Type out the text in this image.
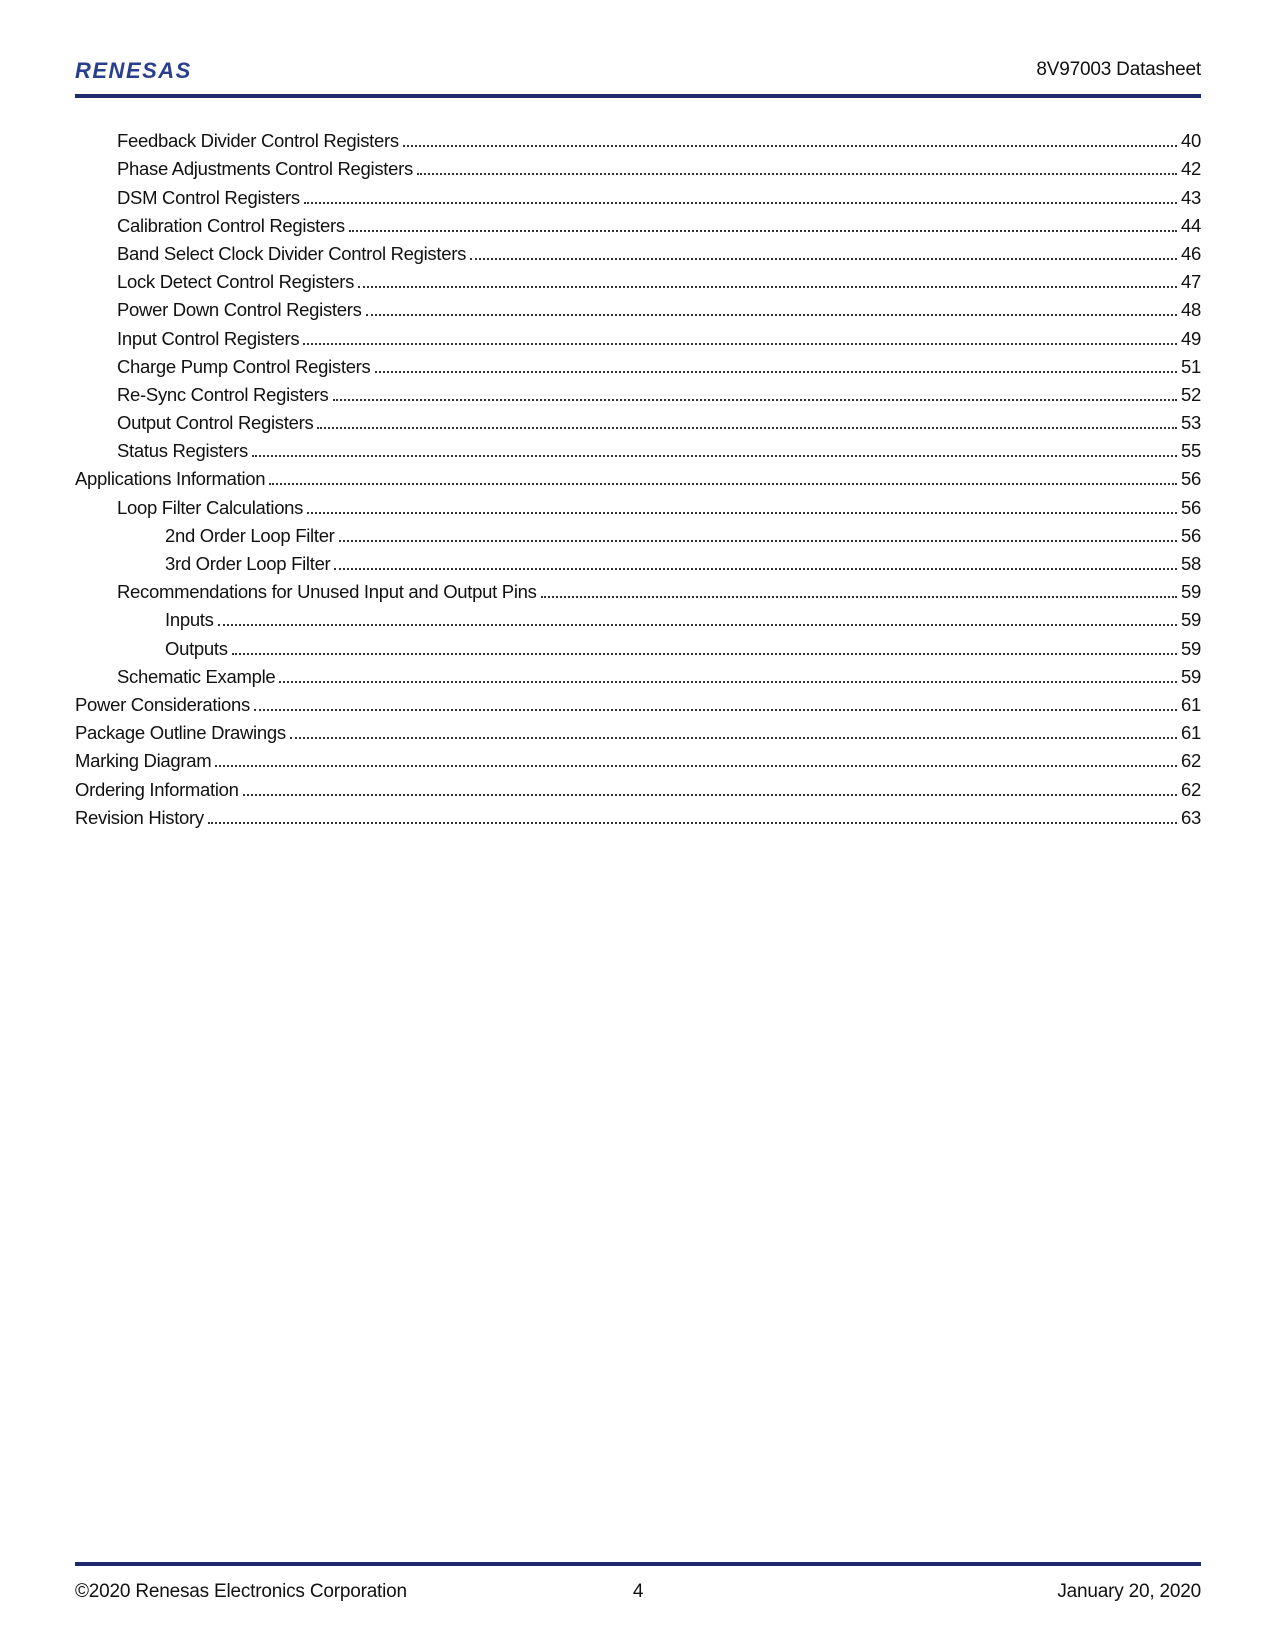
RENESAS	8V97003 Datasheet
Feedback Divider Control Registers	40
Phase Adjustments Control Registers	42
DSM Control Registers	43
Calibration Control Registers	44
Band Select Clock Divider Control Registers	46
Lock Detect Control Registers	47
Power Down Control Registers	48
Input Control Registers	49
Charge Pump Control Registers	51
Re-Sync Control Registers	52
Output Control Registers	53
Status Registers	55
Applications Information	56
Loop Filter Calculations	56
2nd Order Loop Filter	56
3rd Order Loop Filter	58
Recommendations for Unused Input and Output Pins	59
Inputs	59
Outputs	59
Schematic Example	59
Power Considerations	61
Package Outline Drawings	61
Marking Diagram	62
Ordering Information	62
Revision History	63
©2020 Renesas Electronics Corporation	4	January 20, 2020
